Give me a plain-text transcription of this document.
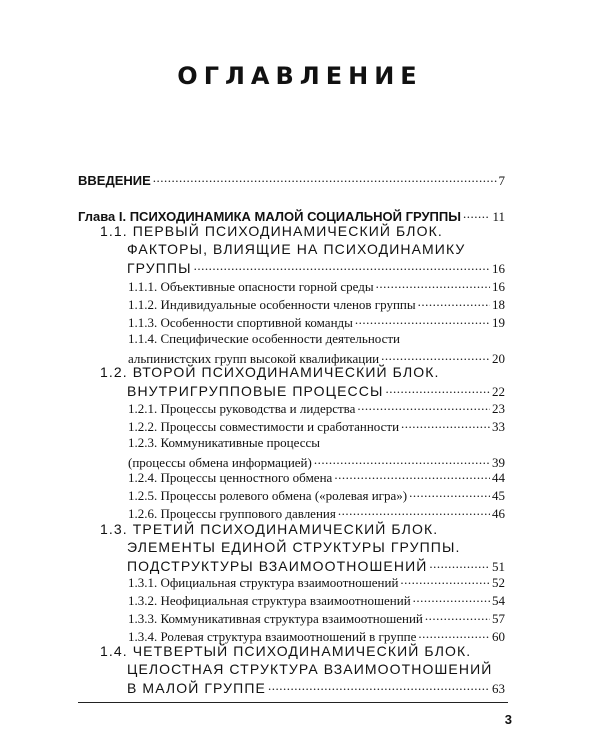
ОГЛАВЛЕНИЕ
ВВЕДЕНИЕ .....	7
Глава I. ПСИХОДИНАМИКА МАЛОЙ СОЦИАЛЬНОЙ ГРУППЫ ..... 11
1.1. ПЕРВЫЙ ПСИХОДИНАМИЧЕСКИЙ БЛОК.
ФАКТОРЫ, ВЛИЯЩИЕ НА ПСИХОДИНАМИКУ
ГРУППЫ .....	16
1.1.1. Объективные опасности горной среды .....	16
1.1.2. Индивидуальные особенности членов группы .....	18
1.1.3. Особенности спортивной команды .....	19
1.1.4. Специфические особенности деятельности
альпинистских групп высокой квалификации .....	20
1.2. ВТОРОЙ ПСИХОДИНАМИЧЕСКИЙ БЛОК.
ВНУТРИГРУППОВЫЕ ПРОЦЕССЫ .....	22
1.2.1. Процессы руководства и лидерства .....	23
1.2.2. Процессы совместимости и сработанности .....	33
1.2.3. Коммуникативные процессы
(процессы обмена информацией) .....	39
1.2.4. Процессы ценностного обмена .....	44
1.2.5. Процессы ролевого обмена («ролевая игра») .....	45
1.2.6. Процессы группового давления .....	46
1.3. ТРЕТИЙ ПСИХОДИНАМИЧЕСКИЙ БЛОК.
ЭЛЕМЕНТЫ ЕДИНОЙ СТРУКТУРЫ ГРУППЫ.
ПОДСТРУКТУРЫ ВЗАИМООТНОШЕНИЙ .....	51
1.3.1. Официальная структура взаимоотношений .....	52
1.3.2. Неофициальная структура взаимоотношений .....	54
1.3.3. Коммуникативная структура взаимоотношений .....	57
1.3.4. Ролевая структура взаимоотношений в группе .....	60
1.4. ЧЕТВЕРТЫЙ ПСИХОДИНАМИЧЕСКИЙ БЛОК.
ЦЕЛОСТНАЯ СТРУКТУРА ВЗАИМООТНОШЕНИЙ
В МАЛОЙ ГРУППЕ .....	63
3
